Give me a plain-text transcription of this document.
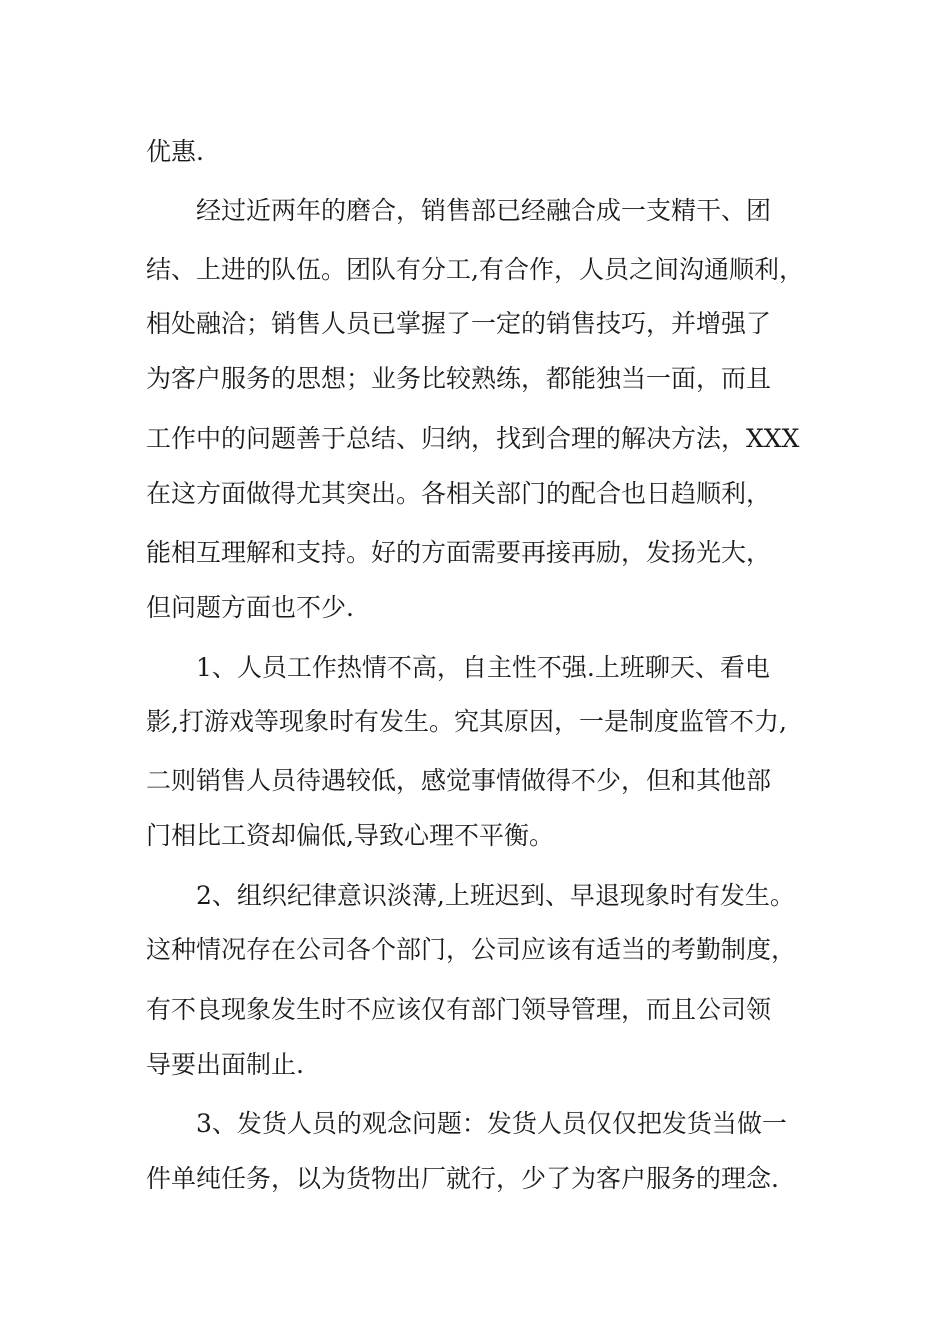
优惠.
经过近两年的磨合，销售部已经融合成一支精干、团
结、上进的队伍。团队有分工,有合作，人员之间沟通顺利，
相处融洽；销售人员已掌握了一定的销售技巧，并增强了
为客户服务的思想；业务比较熟练，都能独当一面，而且
工作中的问题善于总结、归纳，找到合理的解决方法，XXX
在这方面做得尤其突出。各相关部门的配合也日趋顺利，
能相互理解和支持。好的方面需要再接再励，发扬光大，
但问题方面也不少.
1、人员工作热情不高，自主性不强.上班聊天、看电
影,打游戏等现象时有发生。究其原因，一是制度监管不力,
二则销售人员待遇较低，感觉事情做得不少，但和其他部
门相比工资却偏低,导致心理不平衡。
2、组织纪律意识淡薄,上班迟到、早退现象时有发生。
这种情况存在公司各个部门，公司应该有适当的考勤制度，
有不良现象发生时不应该仅有部门领导管理，而且公司领
导要出面制止.
3、发货人员的观念问题：发货人员仅仅把发货当做一
件单纯任务，以为货物出厂就行，少了为客户服务的理念.
